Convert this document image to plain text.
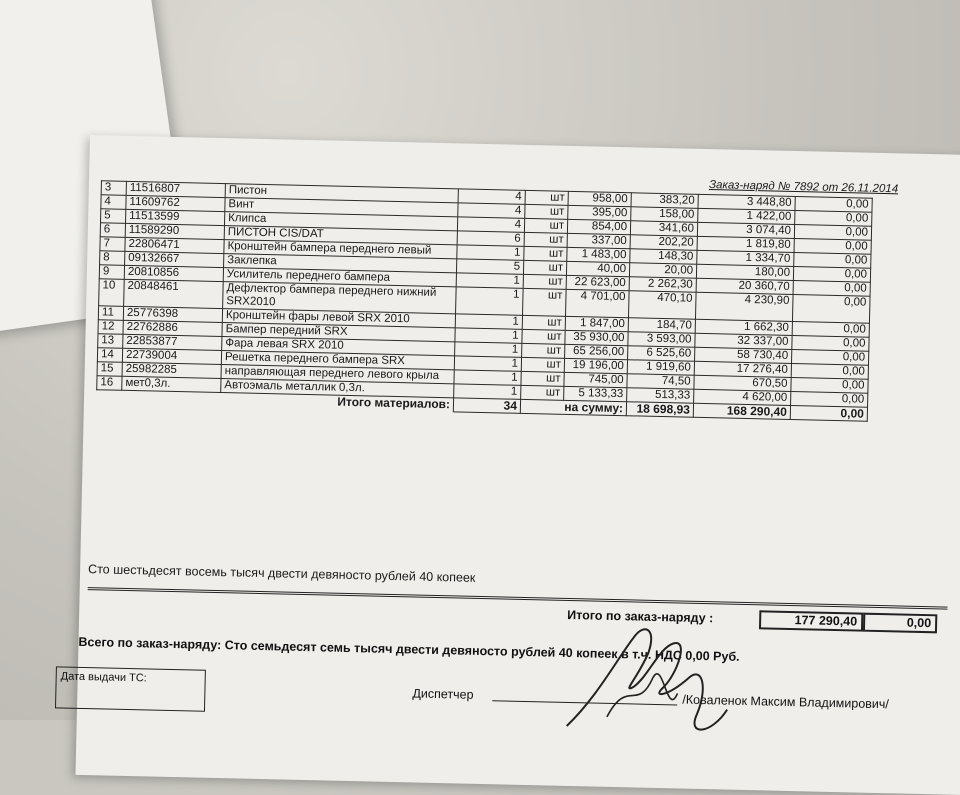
Заказ-наряд № 7892 от 26.11.2014
3	11516807	Пистон	4	шт	958,00	383,20	3 448,80	0,00
4	11609762	Винт	4	шт	395,00	158,00	1 422,00	0,00
5	11513599	Клипса	4	шт	854,00	341,60	3 074,40	0,00
6	11589290	ПИСТОН CIS/DAT	6	шт	337,00	202,20	1 819,80	0,00
7	22806471	Кронштейн бампера переднего левый	1	шт	1 483,00	148,30	1 334,70	0,00
8	09132667	Заклепка	5	шт	40,00	20,00	180,00	0,00
9	20810856	Усилитель переднего бампера	1	шт	22 623,00	2 262,30	20 360,70	0,00
10	20848461	Дефлектор бампера переднего нижний SRX2010	1	шт	4 701,00	470,10	4 230,90	0,00
11	25776398	Кронштейн фары левой SRX 2010	1	шт	1 847,00	184,70	1 662,30	0,00
12	22762886	Бампер передний SRX	1	шт	35 930,00	3 593,00	32 337,00	0,00
13	22853877	Фара левая SRX 2010	1	шт	65 256,00	6 525,60	58 730,40	0,00
14	22739004	Решетка переднего бампера SRX	1	шт	19 196,00	1 919,60	17 276,40	0,00
15	25982285	направляющая переднего левого крыла	1	шт	745,00	74,50	670,50	0,00
16	мет0,3л.	Автоэмаль металлик 0,3л.	1	шт	5 133,33	513,33	4 620,00	0,00
Итого материалов:			34	на сумму:		18 698,93	168 290,40	0,00
Сто шестьдесят восемь тысяч двести девяносто рублей 40 копеек
Итого по заказ-наряду :	177 290,40	0,00
Всего по заказ-наряду: Сто семьдесят семь тысяч двести девяносто рублей 40 копеек в т.ч. НДС 0,00 Руб.
Дата выдачи ТС:
Диспетчер	/Коваленок Максим Владимирович/
